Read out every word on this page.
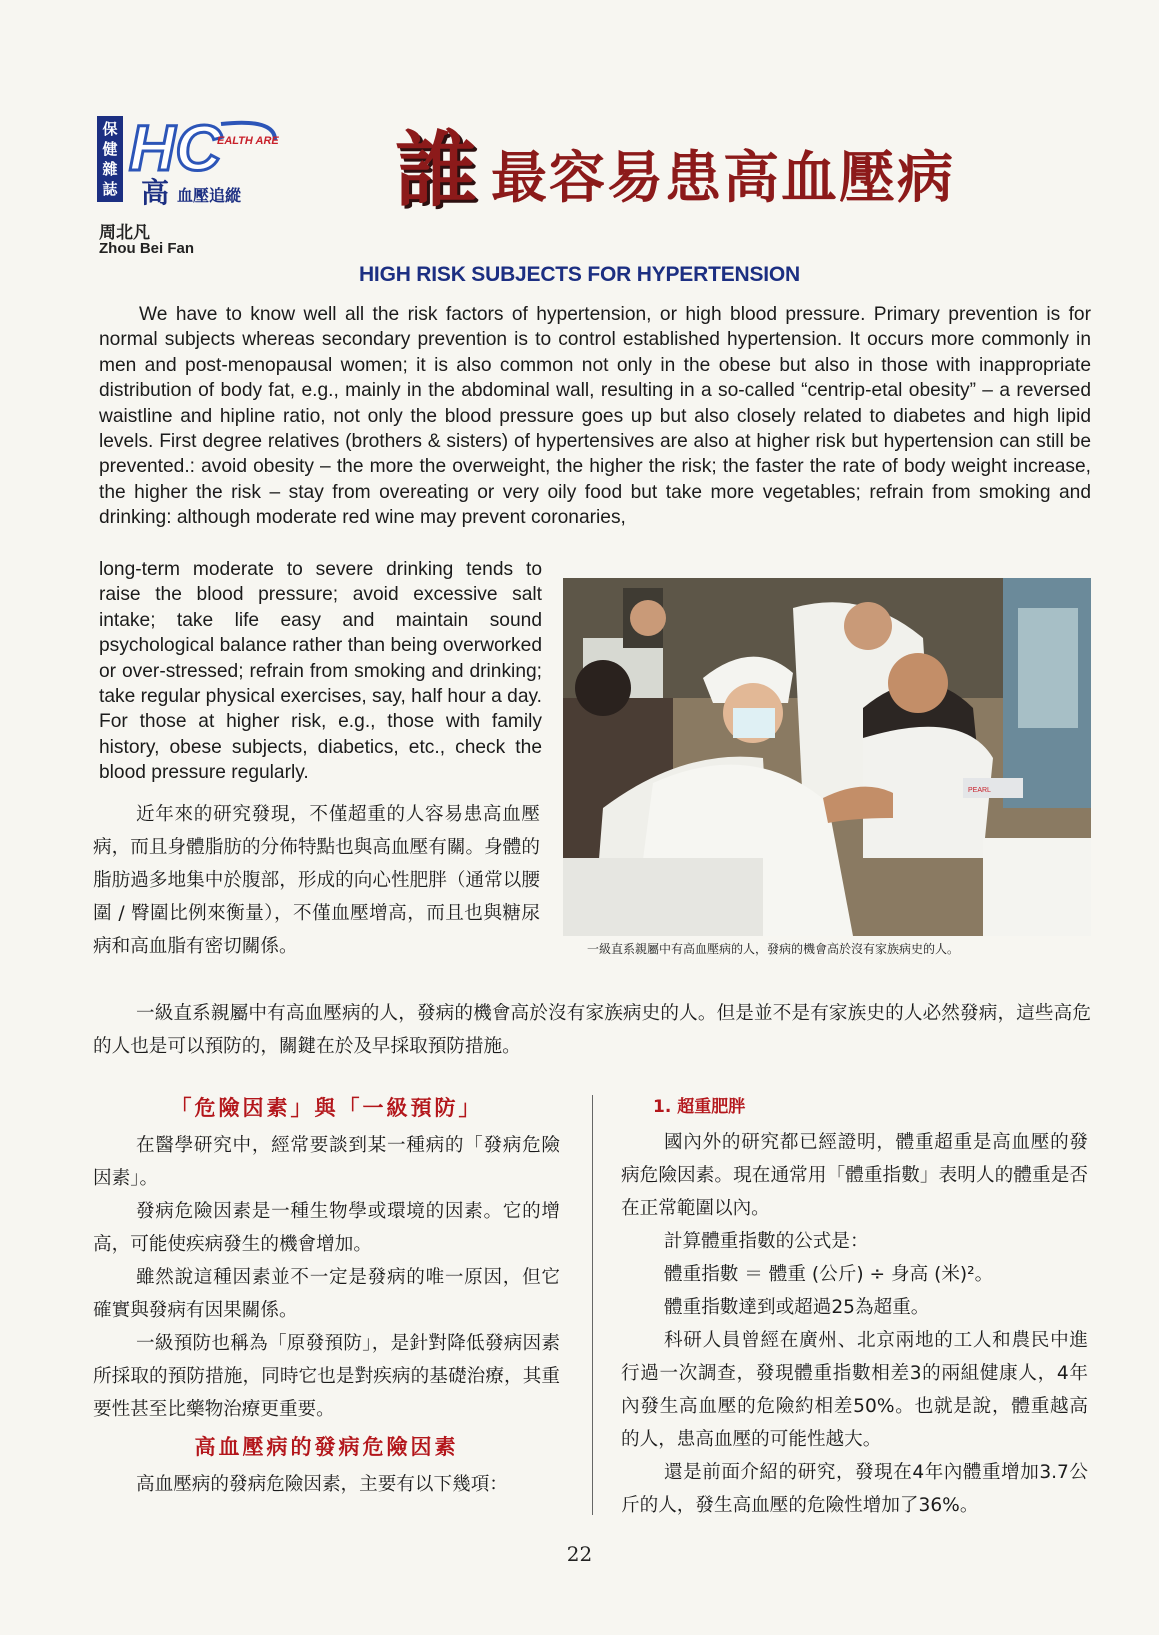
保
健
雜
誌
HC
EALTH ARE
高 血壓追縱
周北凡
Zhou Bei Fan
誰 最容易患高血壓病
HIGH RISK SUBJECTS FOR HYPERTENSION

We have to know well all the risk factors of hypertension, or high blood pressure. Primary prevention is for normal subjects whereas secondary prevention is to control established hypertension. It occurs more commonly in men and post-menopausal women; it is also common not only in the obese but also in those with inappropriate distribution of body fat, e.g., mainly in the abdominal wall, resulting in a so-called “centrip-etal obesity” – a reversed waistline and hipline ratio, not only the blood pressure goes up but also closely related to diabetes and high lipid levels. First degree relatives (brothers & sisters) of hypertensives are also at higher risk but hypertension can still be prevented.: avoid obesity – the more the overweight, the higher the risk; the faster the rate of body weight increase, the higher the risk – stay from overeating or very oily food but take more vegetables; refrain from smoking and drinking: although moderate red wine may prevent coronaries,

long-term moderate to severe drinking tends to raise the blood pressure; avoid excessive salt intake; take life easy and maintain sound psychological balance rather than being overworked or over-stressed; refrain from smoking and drinking; take regular physical exercises, say, half hour a day. For those at higher risk, e.g., those with family history, obese subjects, diabetics, etc., check the blood pressure regularly.

PEARL
一級直系親屬中有高血壓病的人，發病的機會高於沒有家族病史的人。

近年來的研究發現，不僅超重的人容易患高血壓病，而且身體脂肪的分佈特點也與高血壓有關。身體的脂肪過多地集中於腹部，形成的向心性肥胖（通常以腰圍 / 臀圍比例來衡量），不僅血壓增高，而且也與糖尿病和高血脂有密切關係。

一級直系親屬中有高血壓病的人，發病的機會高於沒有家族病史的人。但是並不是有家族史的人必然發病，這些高危的人也是可以預防的，關鍵在於及早採取預防措施。

「危險因素」與「一級預防」

在醫學研究中，經常要談到某一種病的「發病危險因素」。

發病危險因素是一種生物學或環境的因素。它的增高，可能使疾病發生的機會增加。

雖然說這種因素並不一定是發病的唯一原因，但它確實與發病有因果關係。

一級預防也稱為「原發預防」，是針對降低發病因素所採取的預防措施，同時它也是對疾病的基礎治療，其重要性甚至比藥物治療更重要。

高血壓病的發病危險因素

高血壓病的發病危險因素，主要有以下幾項：

1. 超重肥胖

國內外的研究都已經證明，體重超重是高血壓的發病危險因素。現在通常用「體重指數」表明人的體重是否在正常範圍以內。

計算體重指數的公式是：

體重指數 ＝ 體重 (公斤) ÷ 身高 (米)²。

體重指數達到或超過25為超重。

科研人員曾經在廣州、北京兩地的工人和農民中進行過一次調查，發現體重指數相差3的兩組健康人，4年內發生高血壓的危險約相差50%。也就是說，體重越高的人，患高血壓的可能性越大。

還是前面介紹的研究，發現在4年內體重增加3.7公斤的人，發生高血壓的危險性增加了36%。

22
